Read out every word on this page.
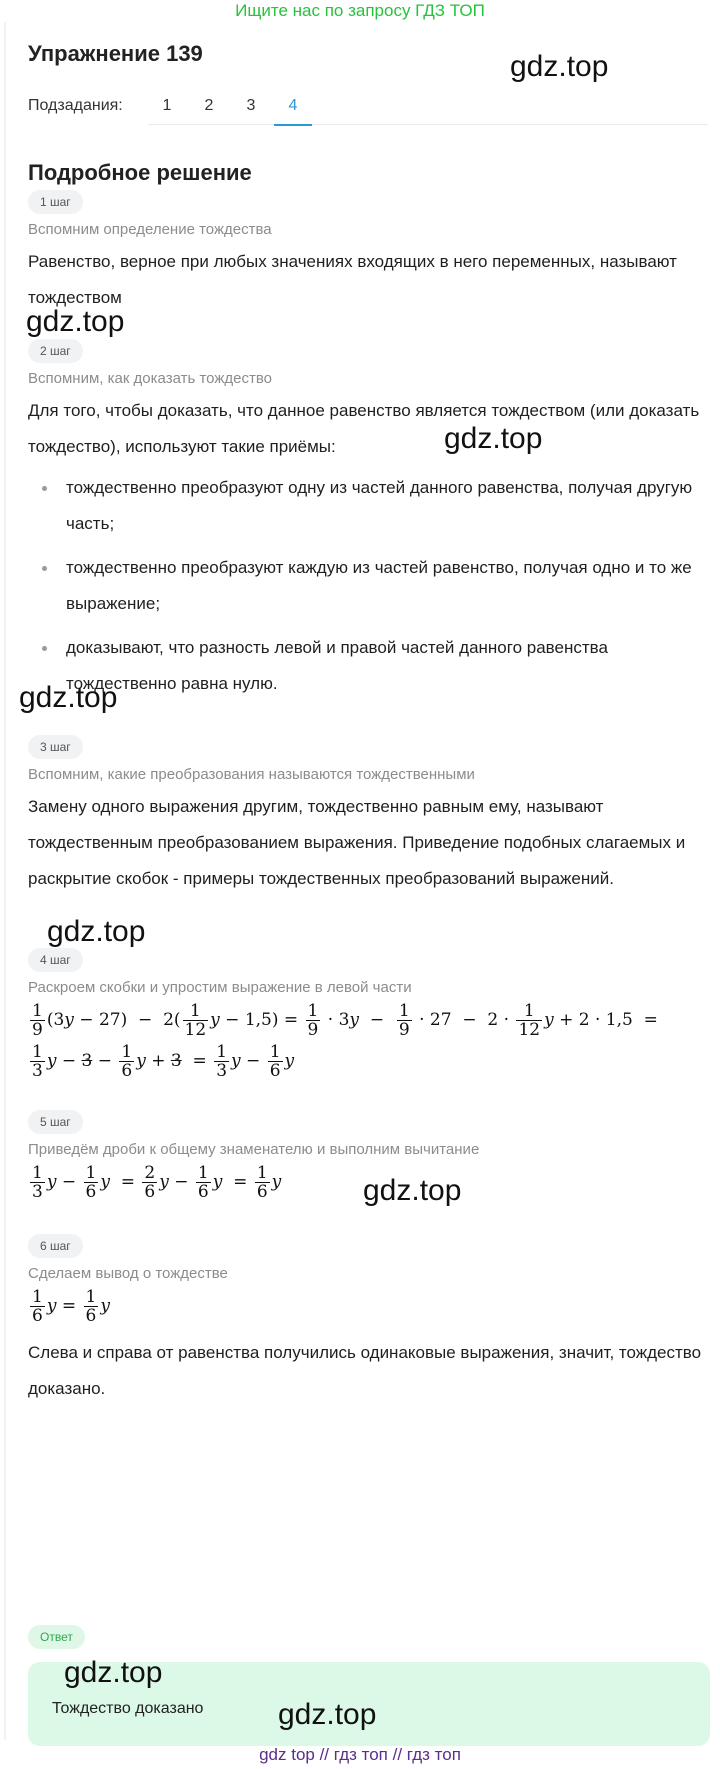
Ищите нас по запросу ГДЗ ТОП
Упражнение 139	gdz.top
Подзадания:	1	2	3	4
Подробное решение
1 шаг
Вспомним определение тождества
Равенство, верное при любых значениях входящих в него переменных, называют тождеством
gdz.top
2 шаг
Вспомним, как доказать тождество
Для того, чтобы доказать, что данное равенство является тождеством (или доказать тождество), используют такие приёмы:	gdz.top
тождественно преобразуют одну из частей данного равенства, получая другую часть;
тождественно преобразуют каждую из частей равенство, получая одно и то же выражение;
доказывают, что разность левой и правой частей данного равенства тождественно равна нулю.
gdz.top
3 шаг
Вспомним, какие преобразования называются тождественными
Замену одного выражения другим, тождественно равным ему, называют тождественным преобразованием выражения. Приведение подобных слагаемых и раскрытие скобок - примеры тождественных преобразований выражений.
gdz.top
4 шаг
Раскроем скобки и упростим выражение в левой части
$\frac{1}{9} (3y - 27) - 2( \frac{1}{12}$ $y - 1,5) = \frac{1}{9} \cdot 3y - \frac{1}{9} \cdot 27 - 2 \cdot \frac{1}{12}$ y + 2 · 1,5  =
$\frac{1}{3}$ $y - 3 - \frac{1}{6}$ $y + 3 = \frac{1}{3}$ $y - \frac{1}{6}$ y
5 шаг
Приведём дроби к общему знаменателю и выполним вычитание
$\frac{1}{3}$ $y - \frac{1}{6}$ $y = \frac{2}{6}$ $y - \frac{1}{6}$ $y = \frac{1}{6}$ y	gdz.top
6 шаг
Сделаем вывод о тождестве
$\frac{1}{6}$ $y = \frac{1}{6}$ y
Слева и справа от равенства получились одинаковые выражения, значит, тождество доказано.
Ответ
gdz.top
Тождество доказано gdz.top
gdz top // гдз топ // гдз топ
